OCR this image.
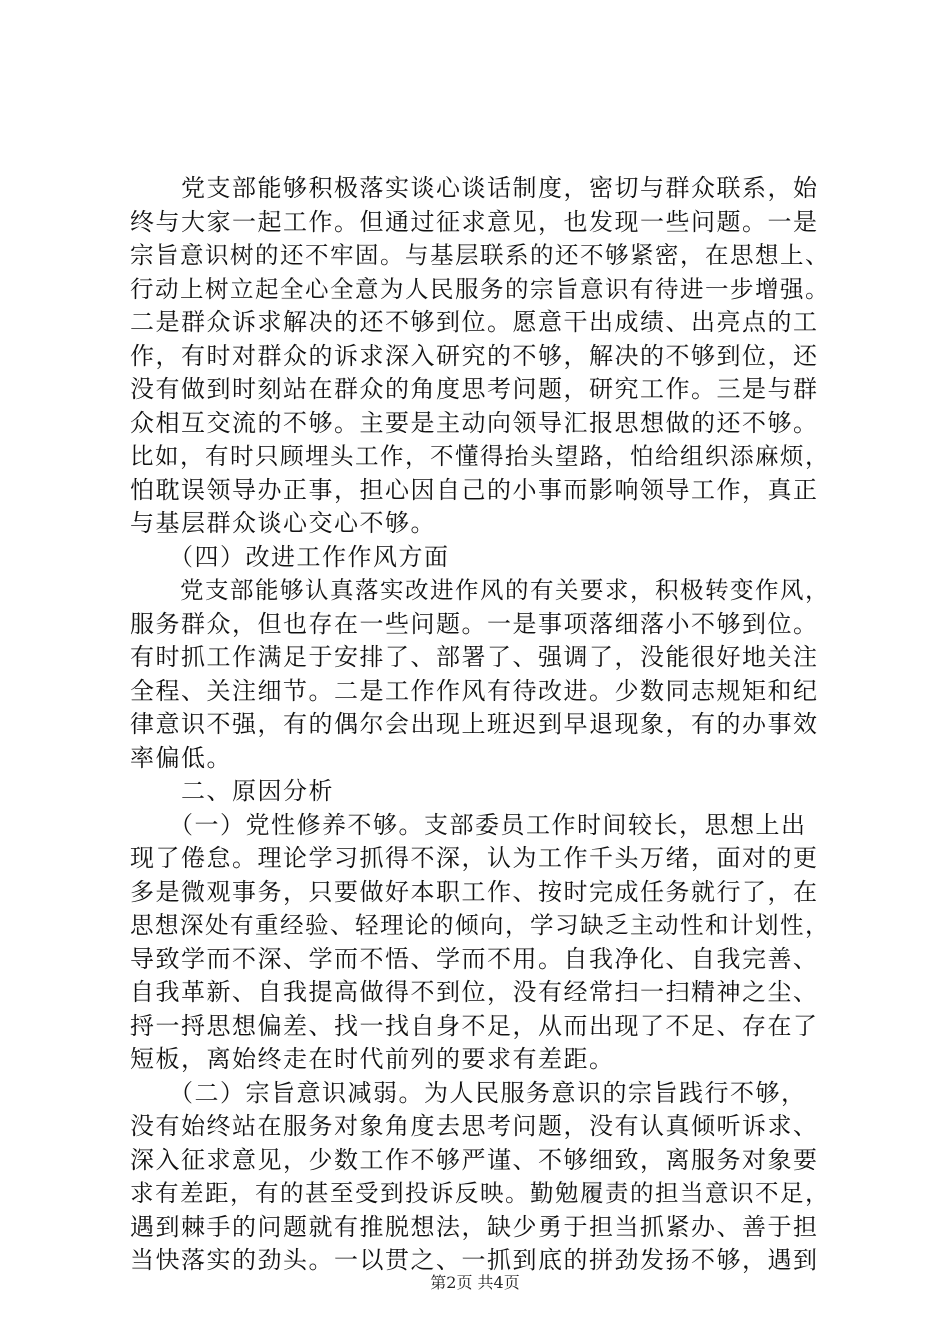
　　党支部能够积极落实谈心谈话制度，密切与群众联系，始
终与大家一起工作。但通过征求意见，也发现一些问题。一是
宗旨意识树的还不牢固。与基层联系的还不够紧密，在思想上、
行动上树立起全心全意为人民服务的宗旨意识有待进一步增强。
二是群众诉求解决的还不够到位。愿意干出成绩、出亮点的工
作，有时对群众的诉求深入研究的不够，解决的不够到位，还
没有做到时刻站在群众的角度思考问题，研究工作。三是与群
众相互交流的不够。主要是主动向领导汇报思想做的还不够。
比如，有时只顾埋头工作，不懂得抬头望路，怕给组织添麻烦，
怕耽误领导办正事，担心因自己的小事而影响领导工作，真正
与基层群众谈心交心不够。
　　（四）改进工作作风方面
　　党支部能够认真落实改进作风的有关要求，积极转变作风，
服务群众，但也存在一些问题。一是事项落细落小不够到位。
有时抓工作满足于安排了、部署了、强调了，没能很好地关注
全程、关注细节。二是工作作风有待改进。少数同志规矩和纪
律意识不强，有的偶尔会出现上班迟到早退现象，有的办事效
率偏低。
　　二、原因分析
　　（一）党性修养不够。支部委员工作时间较长，思想上出
现了倦怠。理论学习抓得不深，认为工作千头万绪，面对的更
多是微观事务，只要做好本职工作、按时完成任务就行了，在
思想深处有重经验、轻理论的倾向，学习缺乏主动性和计划性，
导致学而不深、学而不悟、学而不用。自我净化、自我完善、
自我革新、自我提高做得不到位，没有经常扫一扫精神之尘、
捋一捋思想偏差、找一找自身不足，从而出现了不足、存在了
短板，离始终走在时代前列的要求有差距。
　　（二）宗旨意识减弱。为人民服务意识的宗旨践行不够，
没有始终站在服务对象角度去思考问题，没有认真倾听诉求、
深入征求意见，少数工作不够严谨、不够细致，离服务对象要
求有差距，有的甚至受到投诉反映。勤勉履责的担当意识不足，
遇到棘手的问题就有推脱想法，缺少勇于担当抓紧办、善于担
当快落实的劲头。一以贯之、一抓到底的拼劲发扬不够，遇到
第2页 共4页
